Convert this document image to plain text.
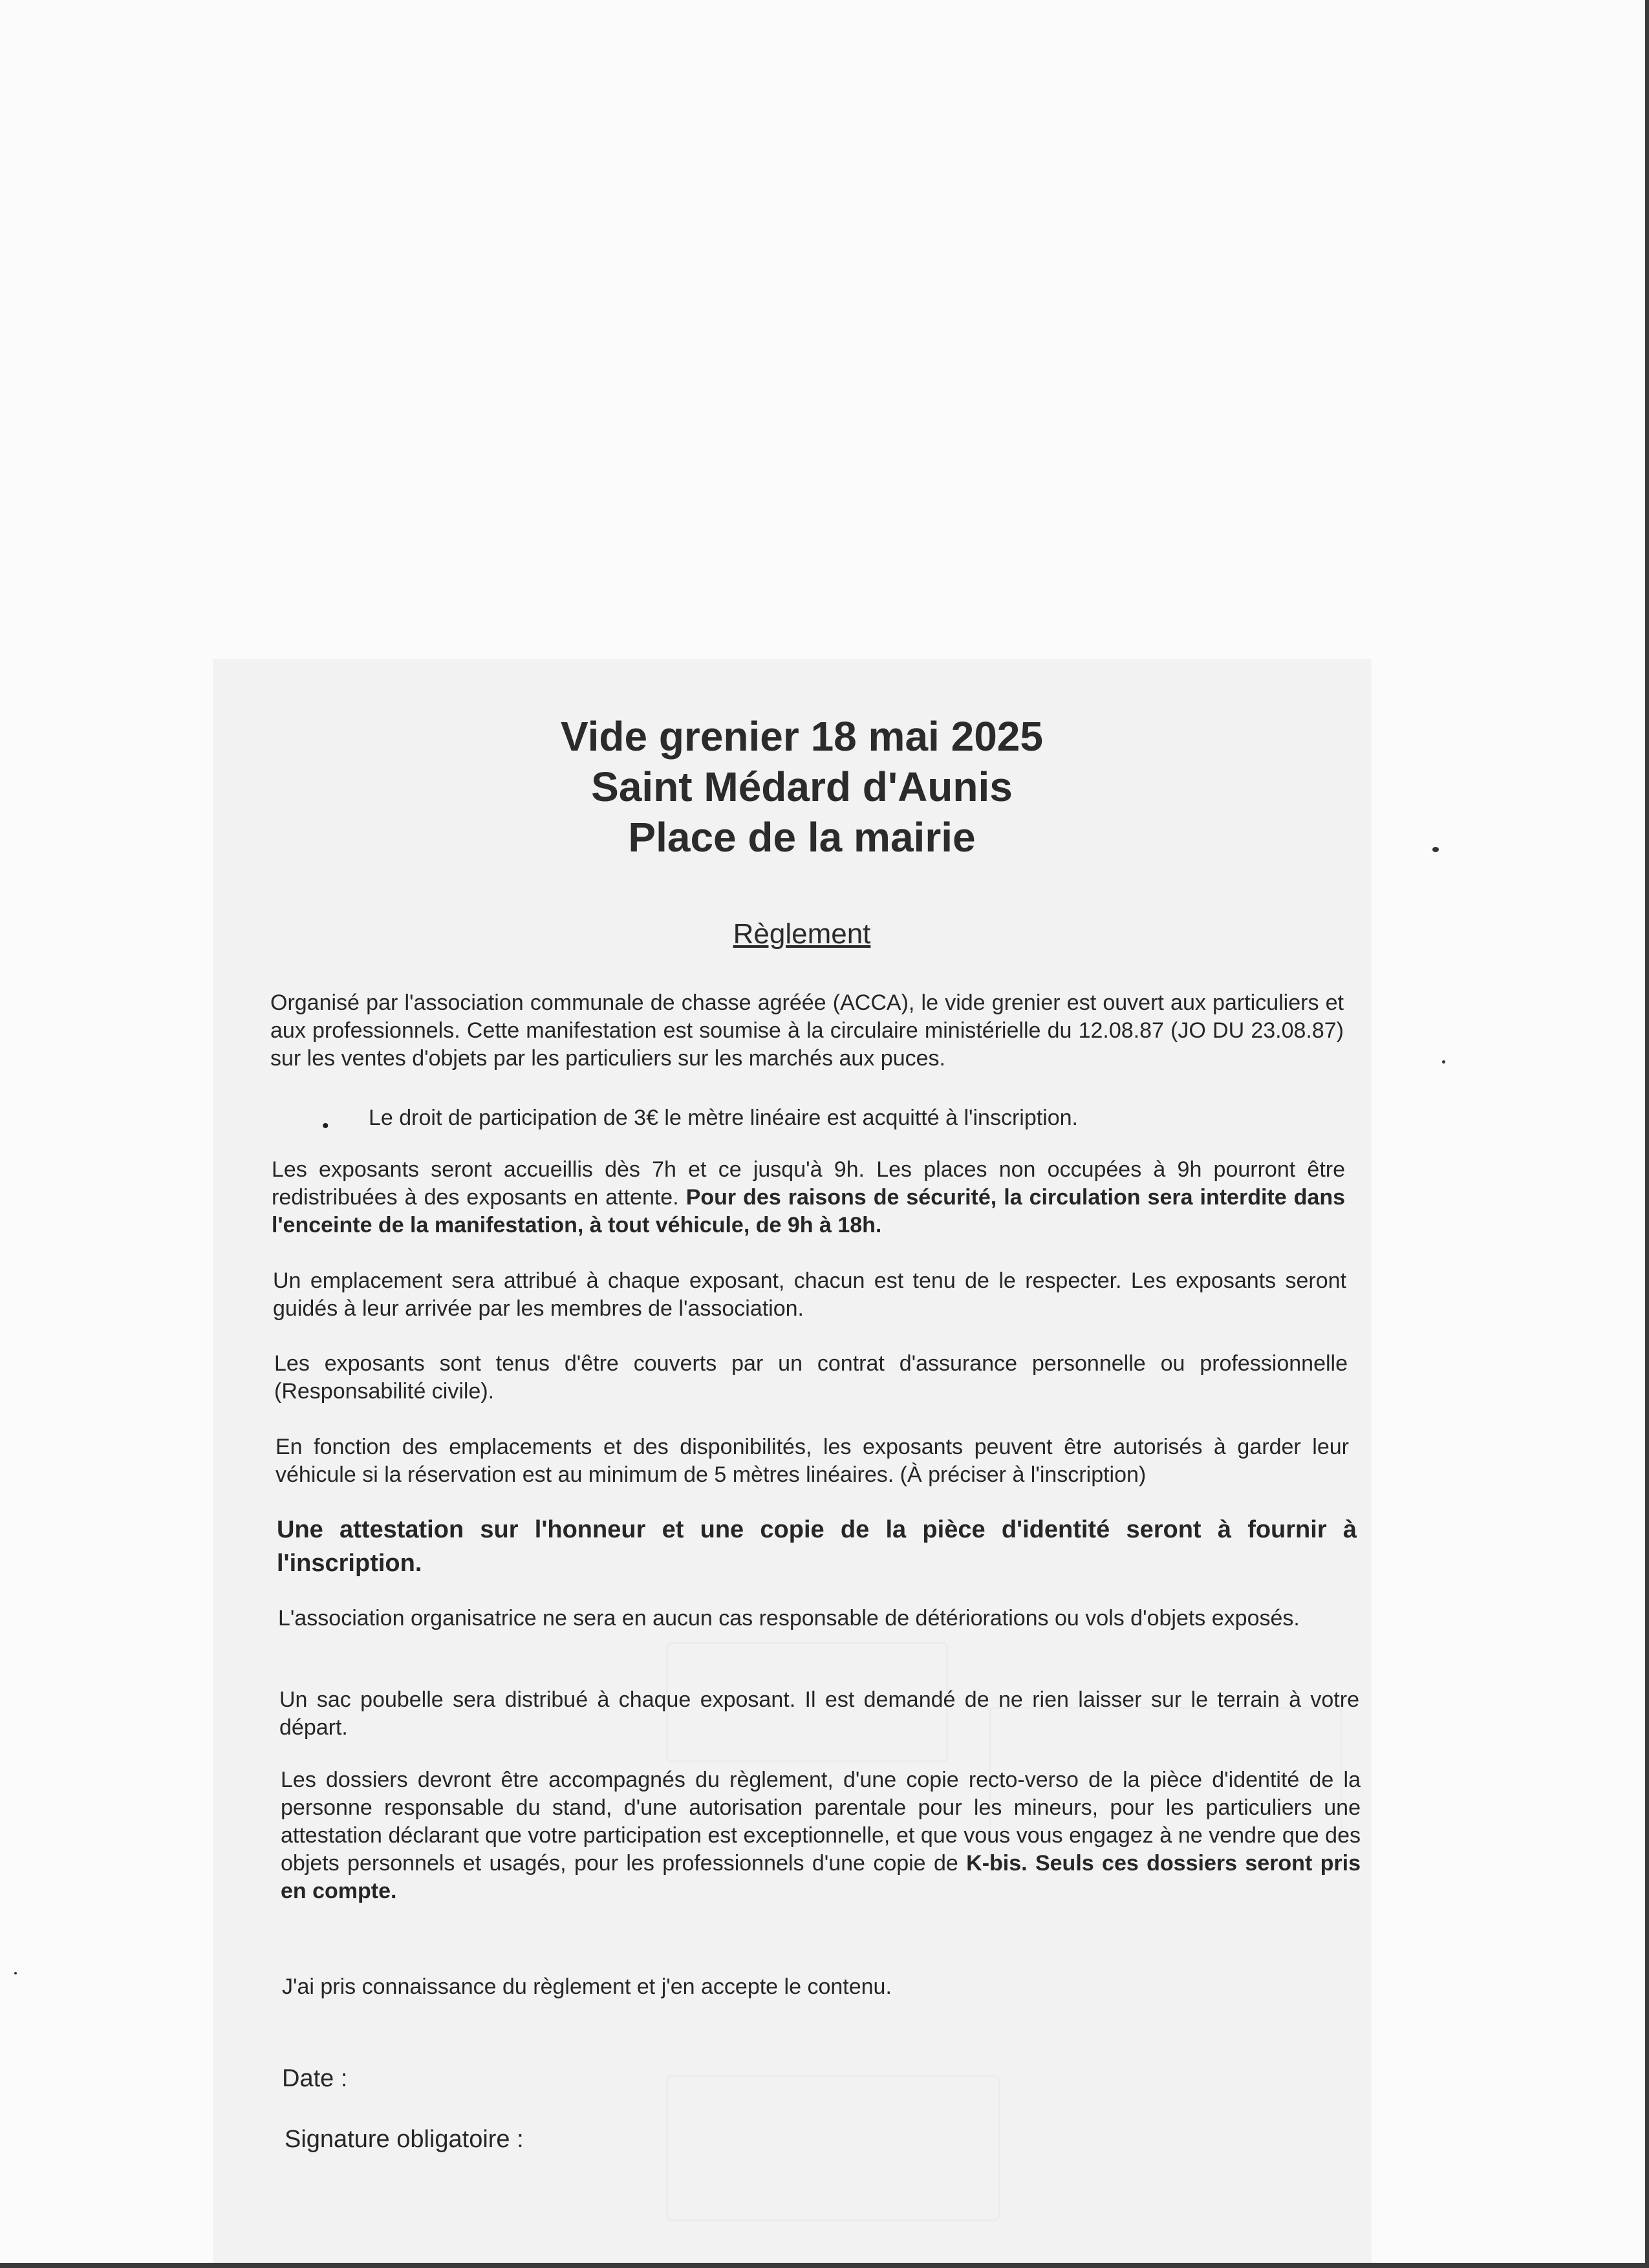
Vide grenier 18 mai 2025
Saint Médard d'Aunis
Place de la mairie
Règlement
Organisé par l'association communale de chasse agréée (ACCA), le vide grenier est ouvert aux particuliers et aux professionnels. Cette manifestation est soumise à la circulaire ministérielle du 12.08.87 (JO DU 23.08.87) sur les ventes d'objets par les particuliers sur les marchés aux puces.
• Le droit de participation de 3€ le mètre linéaire est acquitté à l'inscription.
Les exposants seront accueillis dès 7h et ce jusqu'à 9h. Les places non occupées à 9h pourront être redistribuées à des exposants en attente. Pour des raisons de sécurité, la circulation sera interdite dans l'enceinte de la manifestation, à tout véhicule, de 9h à 18h.
Un emplacement sera attribué à chaque exposant, chacun est tenu de le respecter. Les exposants seront guidés à leur arrivée par les membres de l'association.
Les exposants sont tenus d'être couverts par un contrat d'assurance personnelle ou professionnelle (Responsabilité civile).
En fonction des emplacements et des disponibilités, les exposants peuvent être autorisés à garder leur véhicule si la réservation est au minimum de 5 mètres linéaires. (À préciser à l'inscription)
Une attestation sur l'honneur et une copie de la pièce d'identité seront à fournir à l'inscription.
L'association organisatrice ne sera en aucun cas responsable de détériorations ou vols d'objets exposés.
Un sac poubelle sera distribué à chaque exposant. Il est demandé de ne rien laisser sur le terrain à votre départ.
Les dossiers devront être accompagnés du règlement, d'une copie recto-verso de la pièce d'identité de la personne responsable du stand, d'une autorisation parentale pour les mineurs, pour les particuliers une attestation déclarant que votre participation est exceptionnelle, et que vous vous engagez à ne vendre que des objets personnels et usagés, pour les professionnels d'une copie de K-bis. Seuls ces dossiers seront pris en compte.
J'ai pris connaissance du règlement et j'en accepte le contenu.
Date :
Signature obligatoire :
